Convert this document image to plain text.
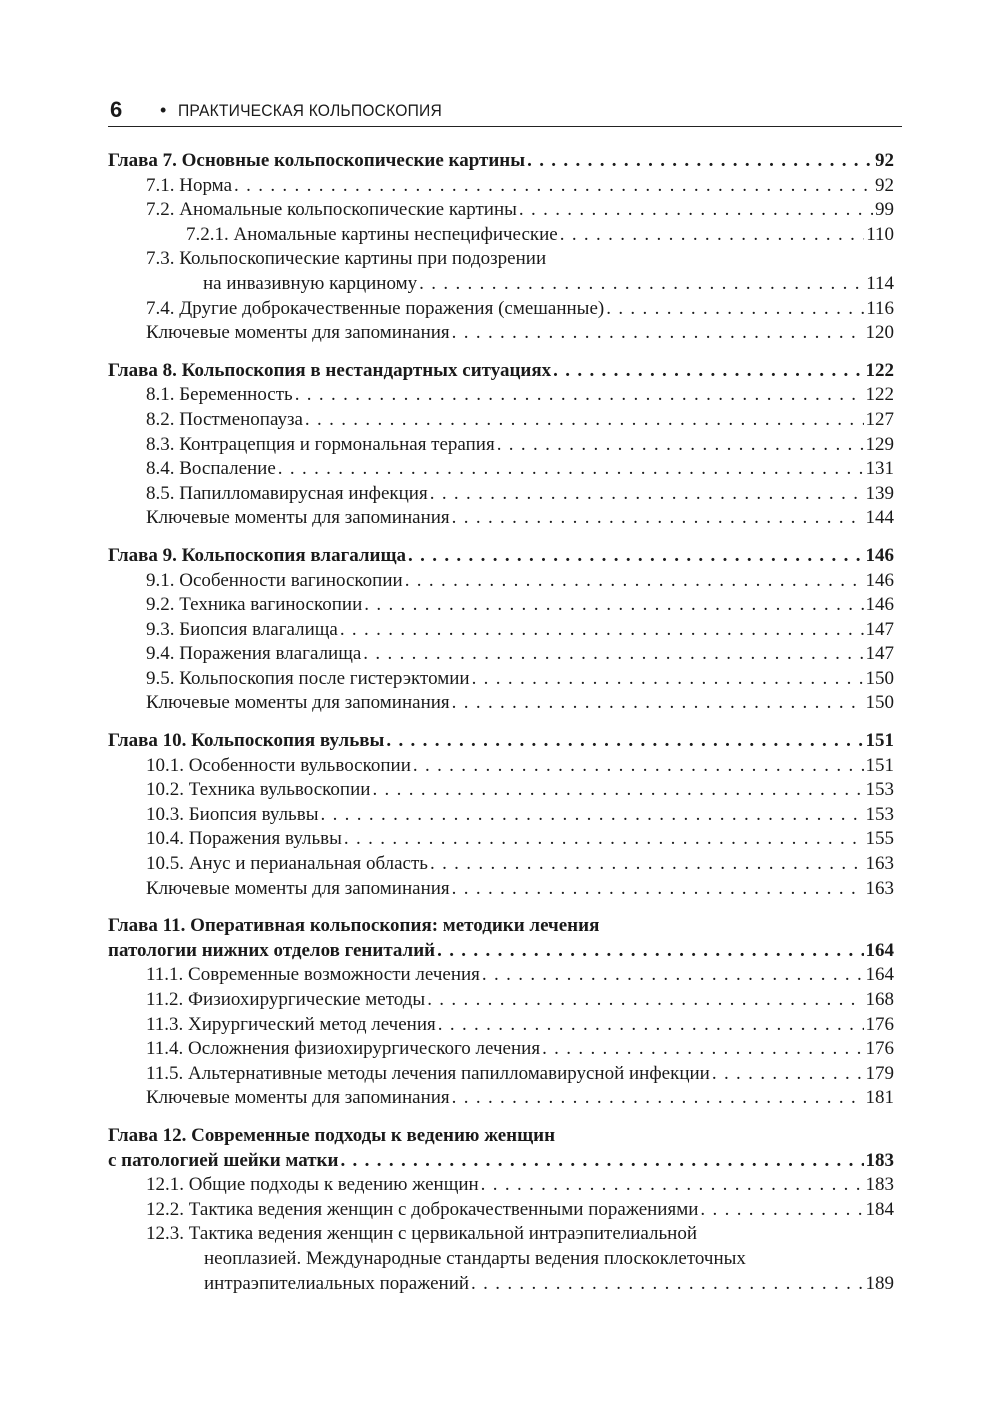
6 • ПРАКТИЧЕСКАЯ КОЛЬПОСКОПИЯ
Глава 7. Основные кольпоскопические картины . . .	92
7.1. Норма . . .	92
7.2. Аномальные кольпоскопические картины . . .	99
7.2.1. Аномальные картины неспецифические . . .	110
7.3. Кольпоскопические картины при подозрении
на инвазивную карциному . . .	114
7.4. Другие доброкачественные поражения (смешанные) . . .	116
Ключевые моменты для запоминания . . .	120
Глава 8. Кольпоскопия в нестандартных ситуациях . . .	122
8.1. Беременность . . .	122
8.2. Постменопауза . . .	127
8.3. Контрацепция и гормональная терапия . . .	129
8.4. Воспаление . . .	131
8.5. Папилломавирусная инфекция . . .	139
Ключевые моменты для запоминания . . .	144
Глава 9. Кольпоскопия влагалища . . .	146
9.1. Особенности вагиноскопии . . .	146
9.2. Техника вагиноскопии . . .	146
9.3. Биопсия влагалища . . .	147
9.4. Поражения влагалища . . .	147
9.5. Кольпоскопия после гистерэктомии . . .	150
Ключевые моменты для запоминания . . .	150
Глава 10. Кольпоскопия вульвы . . .	151
10.1. Особенности вульвоскопии . . .	151
10.2. Техника вульвоскопии . . .	153
10.3. Биопсия вульвы . . .	153
10.4. Поражения вульвы . . .	155
10.5. Анус и перианальная область . . .	163
Ключевые моменты для запоминания . . .	163
Глава 11. Оперативная кольпоскопия: методики лечения
патологии нижних отделов гениталий . . .	164
11.1. Современные возможности лечения . . .	164
11.2. Физиохирургические методы . . .	168
11.3. Хирургический метод лечения . . .	176
11.4. Осложнения физиохирургического лечения . . .	176
11.5. Альтернативные методы лечения папилломавирусной инфекции . . .	179
Ключевые моменты для запоминания . . .	181
Глава 12. Современные подходы к ведению женщин
с патологией шейки матки . . .	183
12.1. Общие подходы к ведению женщин . . .	183
12.2. Тактика ведения женщин с доброкачественными поражениями . . .	184
12.3. Тактика ведения женщин с цервикальной интраэпителиальной
неоплазией. Международные стандарты ведения плоскоклеточных
интраэпителиальных поражений . . .	189
